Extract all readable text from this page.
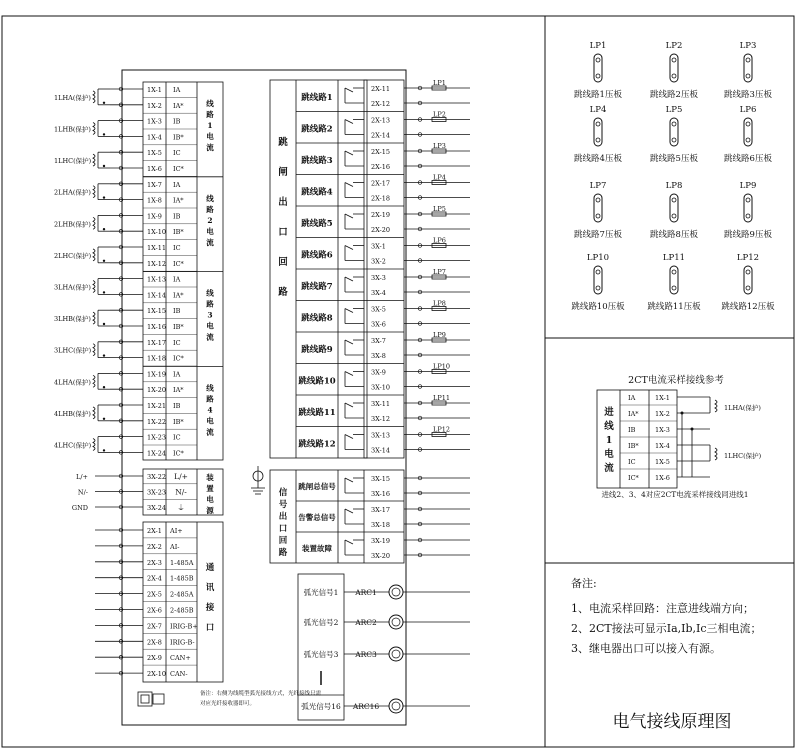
1X-1 IA
1X-2 IA*
1X-3 IB
1X-4 IB*
1X-5 IC
1X-6 IC*
1X-7 IA
1X-8 IA*
1X-9 IB
1X-10 IB*
1X-11 IC
1X-12 IC*
1X-13 IA
1X-14 IA*
1X-15 IB
1X-16 IB*
1X-17 IC
1X-18 IC*
1X-19 IA
1X-20 IA*
1X-21 IB
1X-22 IB*
1X-23 IC
1X-24 IC*
线
路
1
电
流
线
路
2
电
流
线
路
3
电
流
线
路
4
电
流
1LHA(保护)
1LHB(保护)
1LHC(保护)
2LHA(保护)
2LHB(保护)
2LHC(保护)
3LHA(保护)
3LHB(保护)
3LHC(保护)
4LHA(保护)
4LHB(保护)
4LHC(保护)
3X-22 L/+
L/+
3X-23 N/-
N/-
3X-24 ⏚
GND
装
置
电
源
2X-1 AI+
2X-2 AI-
2X-3 1-485A
2X-4 1-485B
2X-5 2-485A
2X-6 2-485B
2X-7 IRIG-B+
2X-8 IRIG-B-
2X-9 CAN+
2X-10 CAN-
通
讯
接
口
备注：右侧为线缆型弧光接线方式，光纤接线只需
对应光纤接收器即可。
跳
闸
出
口
回
路
跳线路1
2X-11
2X-12
LP1
跳线路2
2X-13
2X-14
LP2
跳线路3
2X-15
2X-16
LP3
跳线路4
2X-17
2X-18
LP4
跳线路5
2X-19
2X-20
LP5
跳线路6
3X-1
3X-2
LP6
跳线路7
3X-3
3X-4
LP7
跳线路8
3X-5
3X-6
LP8
跳线路9
3X-7
3X-8
LP9
跳线路10
3X-9
3X-10
LP10
跳线路11
3X-11
3X-12
LP11
跳线路12
3X-13
3X-14
LP12
信
号
出
口
回
路
跳闸总信号
3X-15
3X-16
告警总信号
3X-17
3X-18
装置故障
3X-19
3X-20
弧光信号1 ARC1
弧光信号2 ARC2
弧光信号3 ARC3
弧光信号16 ARC16
LP1
跳线路1压板
LP2
跳线路2压板
LP3
跳线路3压板
LP4
跳线路4压板
LP5
跳线路5压板
LP6
跳线路6压板
LP7
跳线路7压板
LP8
跳线路8压板
LP9
跳线路9压板
LP10
跳线路10压板
LP11
跳线路11压板
LP12
跳线路12压板
进
线
1
电
流
IA	1X-1
IA*	1X-2
IB	1X-3
IB*	1X-4
IC	1X-5
IC* 1X-6
1LHA(保护)
1LHC(保护)
备注:
1、电流采样回路：注意进线端方向；
2、2CT接法可显示Ia,Ib,Ic三相电流；
3、继电器出口可以接入有源。
电气接线原理图
2CT电流采样接线参考
进线2、3、4对应2CT电流采样接线同进线1
